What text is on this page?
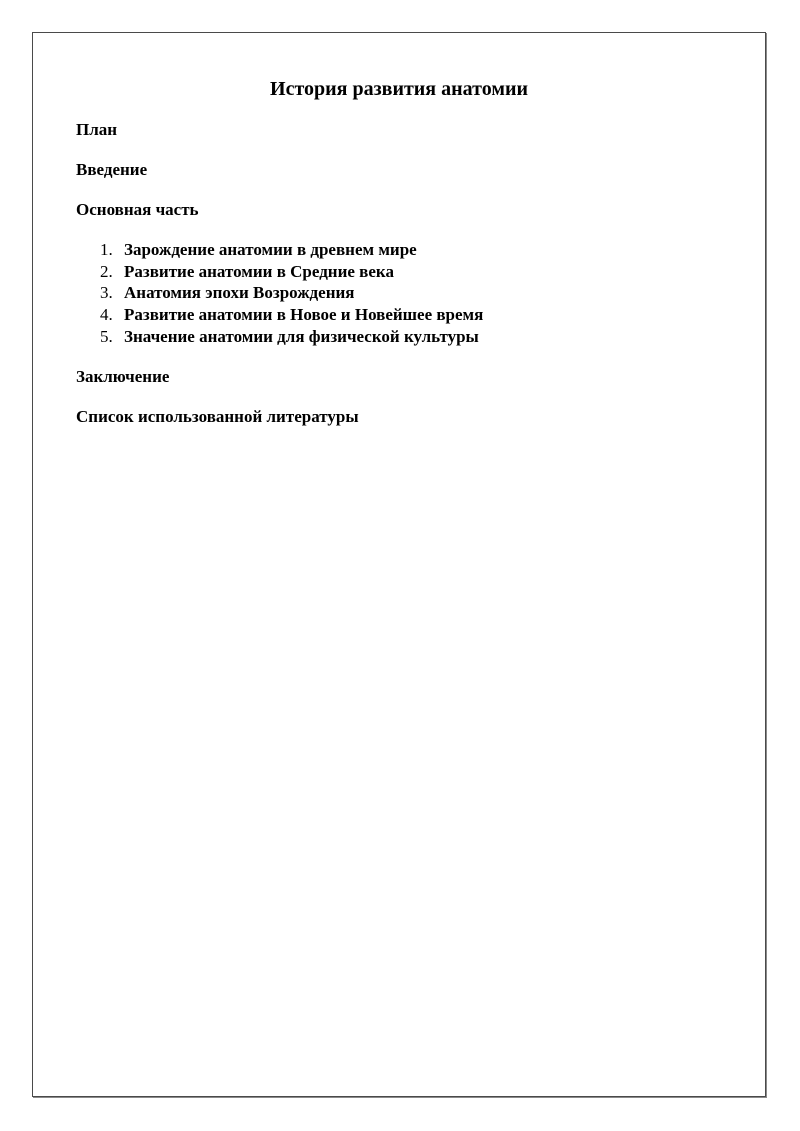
История развития анатомии
План
Введение
Основная часть
1. Зарождение анатомии в древнем мире
2. Развитие анатомии в Средние века
3. Анатомия эпохи Возрождения
4. Развитие анатомии в Новое и Новейшее время
5. Значение анатомии для физической культуры
Заключение
Список использованной литературы
